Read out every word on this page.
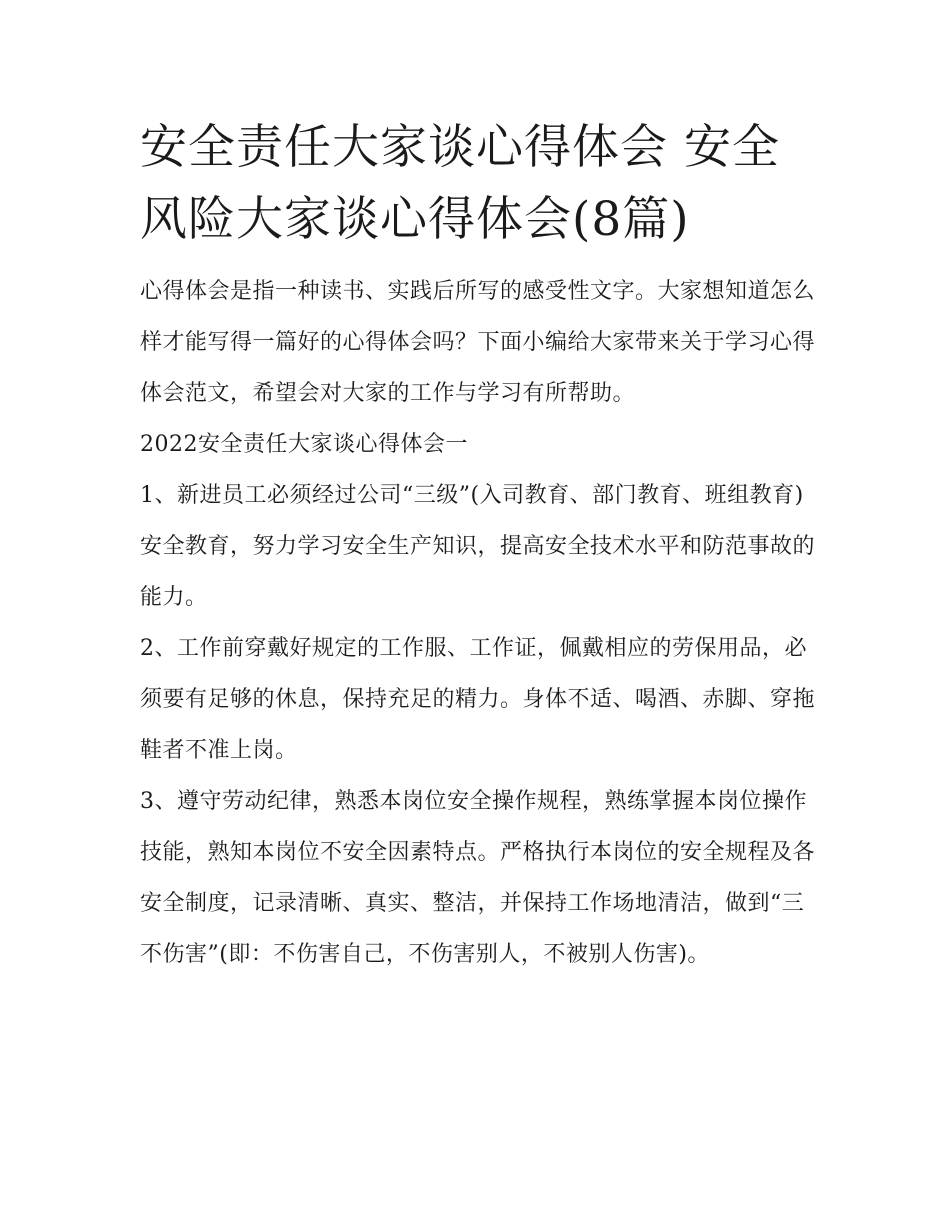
安全责任大家谈心得体会 安全风险大家谈心得体会(8篇)

心得体会是指一种读书、实践后所写的感受性文字。大家想知道怎么样才能写得一篇好的心得体会吗？下面小编给大家带来关于学习心得体会范文，希望会对大家的工作与学习有所帮助。

2022安全责任大家谈心得体会一

1、新进员工必须经过公司“三级”(入司教育、部门教育、班组教育)安全教育，努力学习安全生产知识，提高安全技术水平和防范事故的能力。

2、工作前穿戴好规定的工作服、工作证，佩戴相应的劳保用品，必须要有足够的休息，保持充足的精力。身体不适、喝酒、赤脚、穿拖鞋者不准上岗。

3、遵守劳动纪律，熟悉本岗位安全操作规程，熟练掌握本岗位操作技能，熟知本岗位不安全因素特点。严格执行本岗位的安全规程及各安全制度，记录清晰、真实、整洁，并保持工作场地清洁，做到“三不伤害”(即：不伤害自己，不伤害别人，不被别人伤害)。
